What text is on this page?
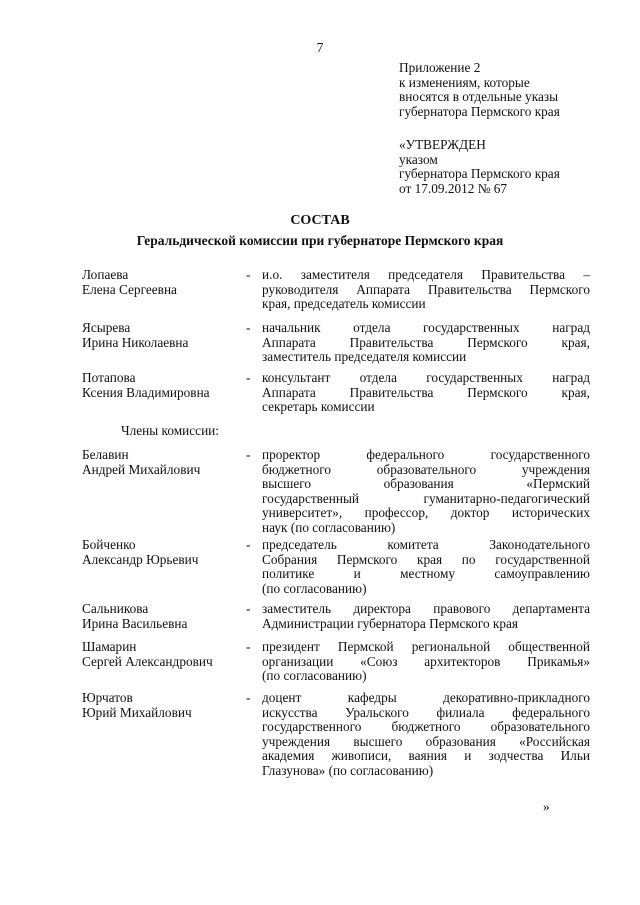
7
Приложение 2
к изменениям, которые
вносятся в отдельные указы
губернатора Пермского края
«УТВЕРЖДЕН
указом
губернатора Пермского края
от 17.09.2012 № 67
СОСТАВ
Геральдической комиссии при губернаторе Пермского края
Лопаева
Елена Сергеевна
- и.о. заместителя председателя Правительства –
руководителя Аппарата Правительства Пермского
края, председатель комиссии
Ясырева
Ирина Николаевна
- начальник отдела государственных наград
Аппарата Правительства Пермского края,
заместитель председателя комиссии
Потапова
Ксения Владимировна
- консультант отдела государственных наград
Аппарата Правительства Пермского края,
секретарь комиссии
Члены комиссии:
Белавин
Андрей Михайлович
- проректор федерального государственного
бюджетного образовательного учреждения
высшего образования «Пермский
государственный гуманитарно-педагогический
университет», профессор, доктор исторических
наук (по согласованию)
Бойченко
Александр Юрьевич
- председатель комитета Законодательного
Собрания Пермского края по государственной
политике и местному самоуправлению
(по согласованию)
Сальникова
Ирина Васильевна
- заместитель директора правового департамента
Администрации губернатора Пермского края
Шамарин
Сергей Александрович
- президент Пермской региональной общественной
организации «Союз архитекторов Прикамья»
(по согласованию)
Юрчатов
Юрий Михайлович
- доцент кафедры декоративно-прикладного
искусства Уральского филиала федерального
государственного бюджетного образовательного
учреждения высшего образования «Российская
академия живописи, ваяния и зодчества Ильи
Глазунова» (по согласованию)
»
